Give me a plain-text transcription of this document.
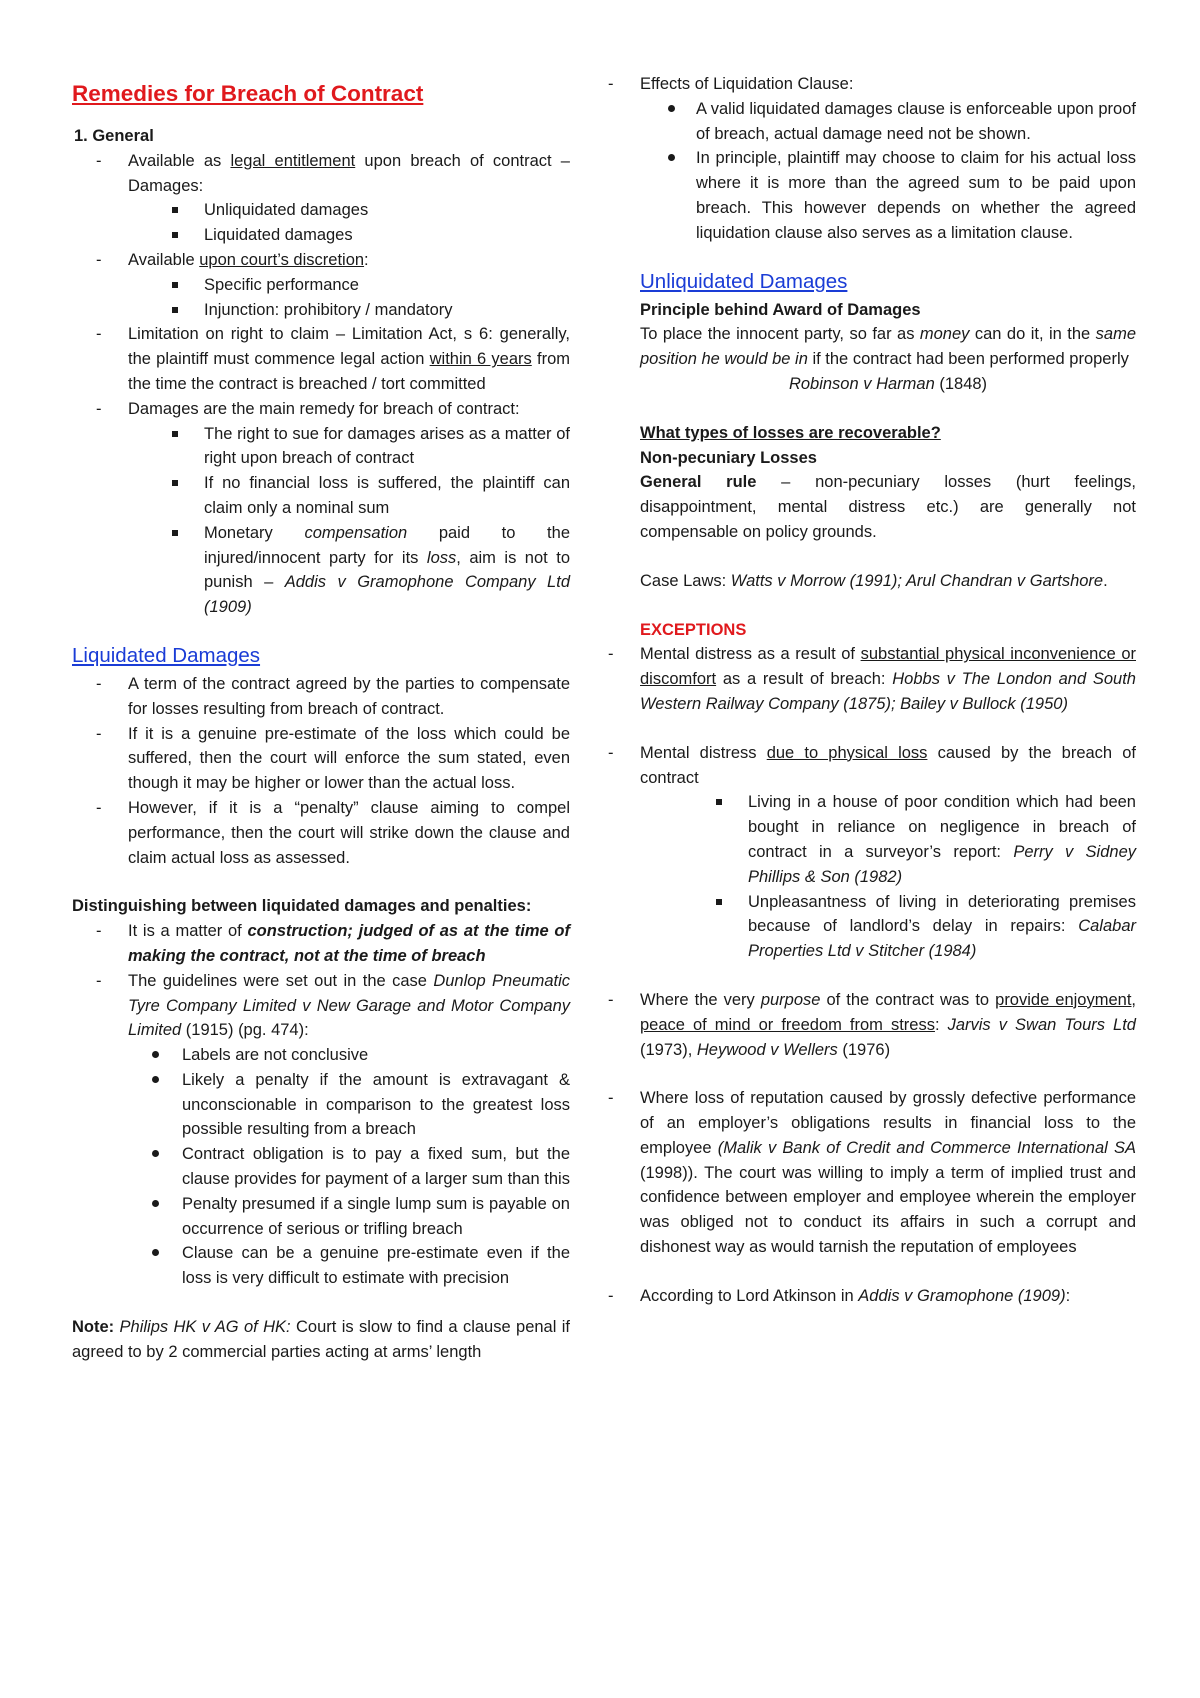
Remedies for Breach of Contract
1. General
- Available as legal entitlement upon breach of contract – Damages:
Unliquidated damages
Liquidated damages
- Available upon court’s discretion:
Specific performance
Injunction: prohibitory / mandatory
- Limitation on right to claim – Limitation Act, s 6: generally, the plaintiff must commence legal action within 6 years from the time the contract is breached / tort committed
- Damages are the main remedy for breach of contract:
The right to sue for damages arises as a matter of right upon breach of contract
If no financial loss is suffered, the plaintiff can claim only a nominal sum
Monetary compensation paid to the injured/innocent party for its loss, aim is not to punish – Addis v Gramophone Company Ltd (1909)
Liquidated Damages
- A term of the contract agreed by the parties to compensate for losses resulting from breach of contract.
- If it is a genuine pre-estimate of the loss which could be suffered, then the court will enforce the sum stated, even though it may be higher or lower than the actual loss.
- However, if it is a “penalty” clause aiming to compel performance, then the court will strike down the clause and claim actual loss as assessed.
Distinguishing between liquidated damages and penalties:
- It is a matter of construction; judged of as at the time of making the contract, not at the time of breach
- The guidelines were set out in the case Dunlop Pneumatic Tyre Company Limited v New Garage and Motor Company Limited (1915) (pg. 474):
Labels are not conclusive
Likely a penalty if the amount is extravagant & unconscionable in comparison to the greatest loss possible resulting from a breach
Contract obligation is to pay a fixed sum, but the clause provides for payment of a larger sum than this
Penalty presumed if a single lump sum is payable on occurrence of serious or trifling breach
Clause can be a genuine pre-estimate even if the loss is very difficult to estimate with precision

Note: Philips HK v AG of HK: Court is slow to find a clause penal if agreed to by 2 commercial parties acting at arms’ length

- Effects of Liquidation Clause:
A valid liquidated damages clause is enforceable upon proof of breach, actual damage need not be shown.
In principle, plaintiff may choose to claim for his actual loss where it is more than the agreed sum to be paid upon breach. This however depends on whether the agreed liquidation clause also serves as a limitation clause.
Unliquidated Damages
Principle behind Award of Damages

To place the innocent party, so far as money can do it, in the same position he would be in if the contract had been performed properly

Robinson v Harman (1848)
What types of losses are recoverable?
Non-pecuniary Losses

General rule – non-pecuniary losses (hurt feelings, disappointment, mental distress etc.) are generally not compensable on policy grounds.

Case Laws: Watts v Morrow (1991); Arul Chandran v Gartshore.

EXCEPTIONS
- Mental distress as a result of substantial physical inconvenience or discomfort as a result of breach: Hobbs v The London and South Western Railway Company (1875); Bailey v Bullock (1950)
- Mental distress due to physical loss caused by the breach of contract
Living in a house of poor condition which had been bought in reliance on negligence in breach of contract in a surveyor’s report: Perry v Sidney Phillips & Son (1982)
Unpleasantness of living in deteriorating premises because of landlord’s delay in repairs: Calabar Properties Ltd v Stitcher (1984)
- Where the very purpose of the contract was to provide enjoyment, peace of mind or freedom from stress: Jarvis v Swan Tours Ltd (1973), Heywood v Wellers (1976)
- Where loss of reputation caused by grossly defective performance of an employer’s obligations results in financial loss to the employee (Malik v Bank of Credit and Commerce International SA (1998)). The court was willing to imply a term of implied trust and confidence between employer and employee wherein the employer was obliged not to conduct its affairs in such a corrupt and dishonest way as would tarnish the reputation of employees
- According to Lord Atkinson in Addis v Gramophone (1909):
